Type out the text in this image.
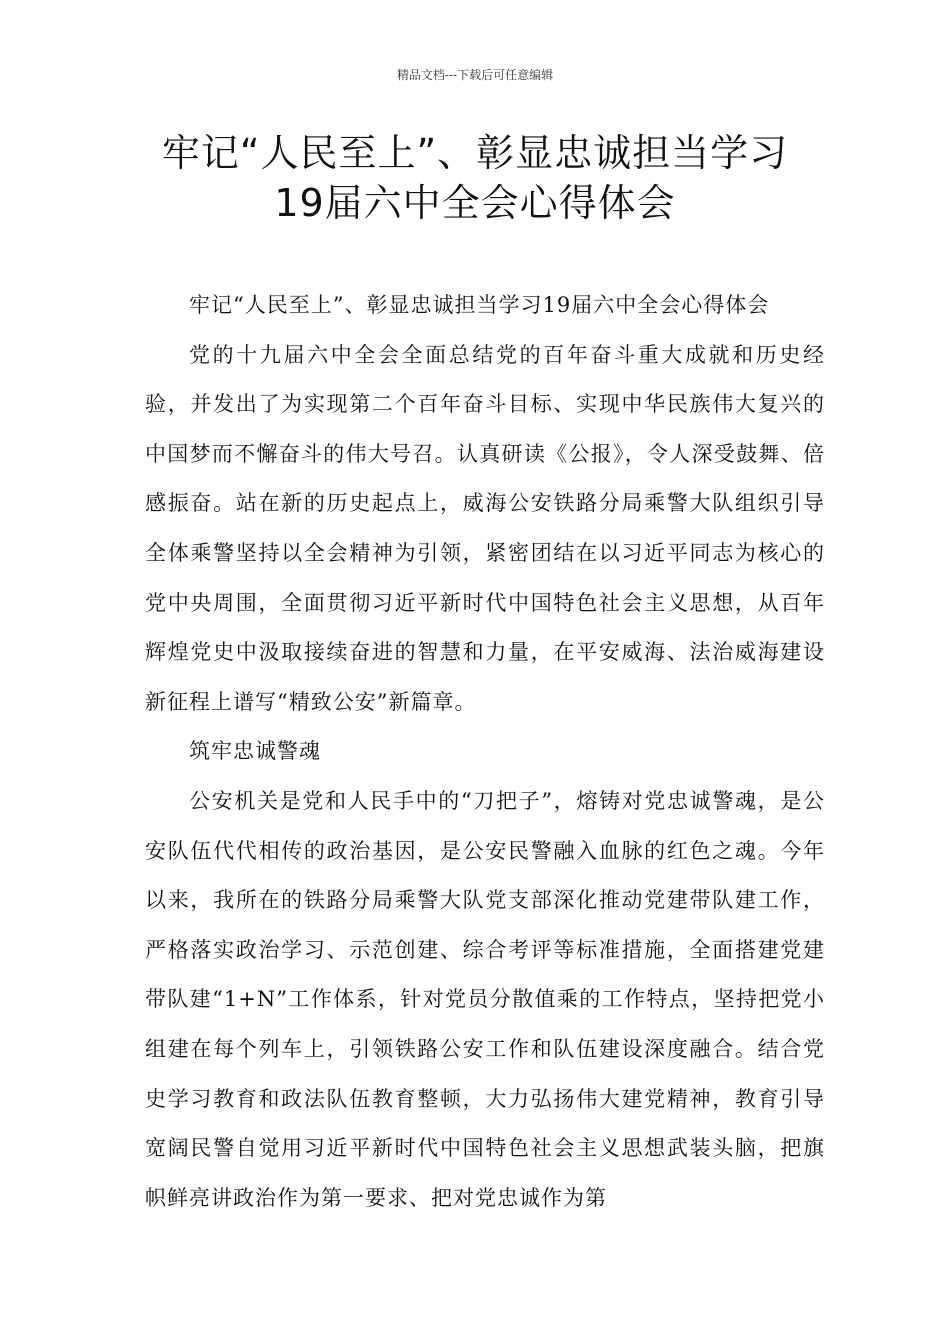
精品文档---下载后可任意编辑
牢记“人民至上”、彰显忠诚担当学习
19届六中全会心得体会

牢记“人民至上”、彰显忠诚担当学习19届六中全会心得体会

党的十九届六中全会全面总结党的百年奋斗重大成就和历史经验，并发出了为实现第二个百年奋斗目标、实现中华民族伟大复兴的中国梦而不懈奋斗的伟大号召。认真研读《公报》，令人深受鼓舞、倍感振奋。站在新的历史起点上，威海公安铁路分局乘警大队组织引导全体乘警坚持以全会精神为引领，紧密团结在以习近平同志为核心的党中央周围，全面贯彻习近平新时代中国特色社会主义思想，从百年辉煌党史中汲取接续奋进的智慧和力量，在平安威海、法治威海建设新征程上谱写“精致公安”新篇章。

筑牢忠诚警魂

公安机关是党和人民手中的“刀把子”，熔铸对党忠诚警魂，是公安队伍代代相传的政治基因，是公安民警融入血脉的红色之魂。今年以来，我所在的铁路分局乘警大队党支部深化推动党建带队建工作，严格落实政治学习、示范创建、综合考评等标准措施，全面搭建党建带队建“1+N”工作体系，针对党员分散值乘的工作特点，坚持把党小组建在每个列车上，引领铁路公安工作和队伍建设深度融合。结合党史学习教育和政法队伍教育整顿，大力弘扬伟大建党精神，教育引导宽阔民警自觉用习近平新时代中国特色社会主义思想武装头脑，把旗帜鲜亮讲政治作为第一要求、把对党忠诚作为第
